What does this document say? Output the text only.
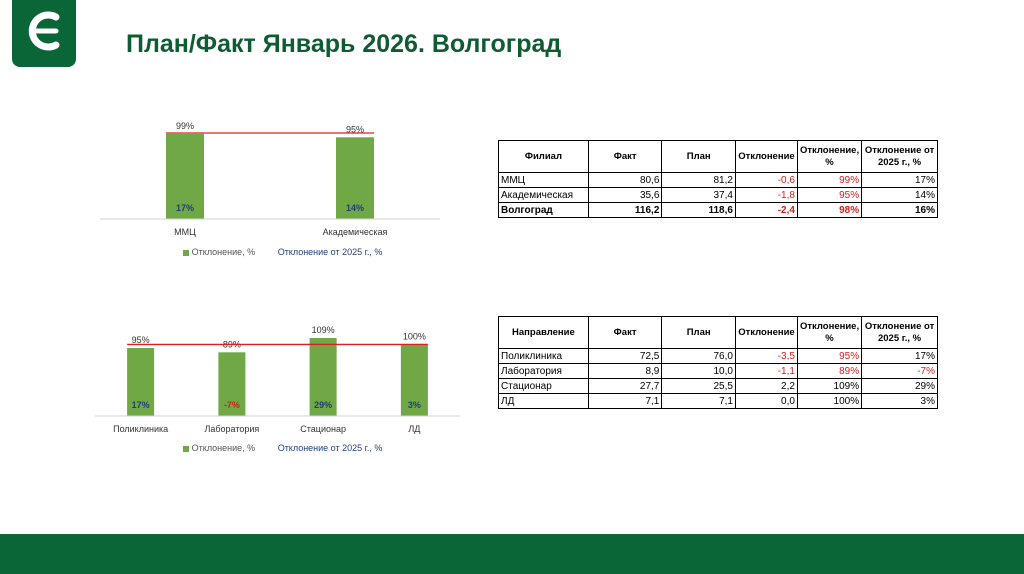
План/Факт Январь 2026. Волгоград
99%
17%
ММЦ
95%
14%
Академическая
Отклонение, %	Отклонение от 2025 г., %
95%
17%
Поликлиника
89%
-7%
Лаборатория
109%
29%
Стационар
100%
3%
ЛД
Отклонение, %	Отклонение от 2025 г., %
Филиал	Факт	План	Отклонение	Отклонение, %	Отклонение от 2025 г., %
ММЦ	80,6	81,2	-0,6	99%	17%
Академическая	35,6	37,4	-1,8	95%	14%
Волгоград	116,2	118,6	-2,4	98%	16%
Направление	Факт	План	Отклонение	Отклонение, %	Отклонение от 2025 г., %
Поликлиника	72,5	76,0	-3,5	95%	17%
Лаборатория	8,9	10,0	-1,1	89%	-7%
Стационар	27,7	25,5	2,2	109%	29%
ЛД	7,1	7,1	0,0	100%	3%
